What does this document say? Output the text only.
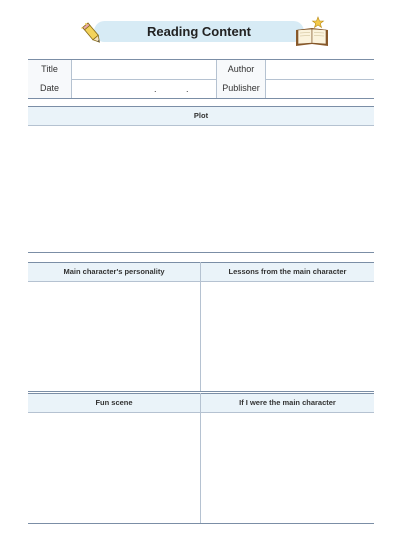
Reading Content
Title	Author
Date	.	.	Publisher
Plot
Main character's personality	Lessons from the main character
Fun scene	If I were the main character
